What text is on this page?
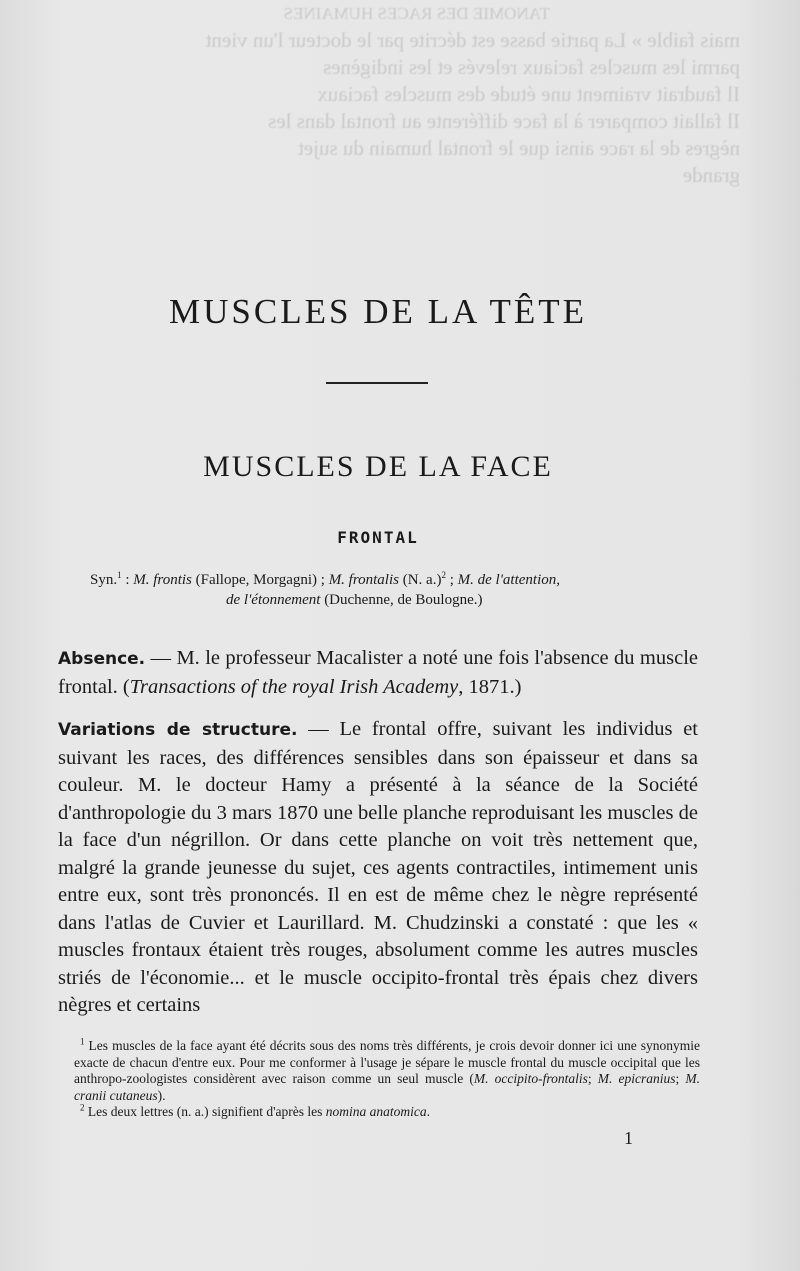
TANOMIE DES RACES HUMAINES

mais faible » La partie basse est décrite par le docteur l'un vient

parmi les muscles faciaux relevés et les indigènes

Il faudrait vraiment une étude des muscles faciaux

Il fallait comparer à la face différente au frontal dans les

nègres de la race ainsi que le frontal humain du sujet

grande

MUSCLES DE LA TÊTE
MUSCLES DE LA FACE
FRONTAL
Syn.$^1$ : M. frontis (Fallope, Morgagni) ; M. frontalis (N. a.)$^2$ ; M. de l'attention,
de l'étonnement (Duchenne, de Boulogne.)

Absence. — M. le professeur Macalister a noté une fois l'absence du muscle frontal. (Transactions of the royal Irish Academy, 1871.)

Variations de structure. — Le frontal offre, suivant les individus et suivant les races, des différences sensibles dans son épaisseur et dans sa couleur. M. le docteur Hamy a présenté à la séance de la Société d'anthropologie du 3 mars 1870 une belle planche reproduisant les muscles de la face d'un négrillon. Or dans cette planche on voit très nettement que, malgré la grande jeunesse du sujet, ces agents contractiles, intimement unis entre eux, sont très prononcés. Il en est de même chez le nègre représenté dans l'atlas de Cuvier et Laurillard. M. Chudzinski a constaté : que les « muscles frontaux étaient très rouges, absolument comme les autres muscles striés de l'économie... et le muscle occipito-frontal très épais chez divers nègres et certains

$^1$ Les muscles de la face ayant été décrits sous des noms très différents, je crois devoir donner ici une synonymie exacte de chacun d'entre eux. Pour me conformer à l'usage je sépare le muscle frontal du muscle occipital que les anthropo-zoologistes considèrent avec raison comme un seul muscle (M. occipito-frontalis; M. epicranius; M. cranii cutaneus).

$^2$ Les deux lettres (n. a.) signifient d'après les nomina anatomica.

1
